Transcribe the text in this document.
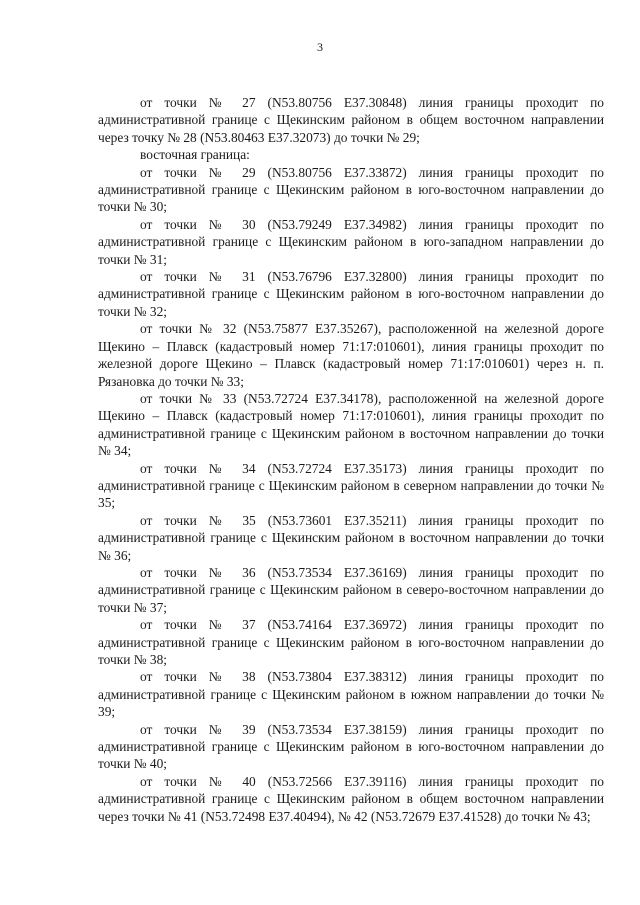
3

от точки № 27 (N53.80756 E37.30848) линия границы проходит по административной границе с Щекинским районом в общем восточном направлении через точку № 28 (N53.80463 E37.32073) до точки № 29;

восточная граница:

от точки № 29 (N53.80756 E37.33872) линия границы проходит по административной границе с Щекинским районом в юго-восточном направлении до точки № 30;

от точки № 30 (N53.79249 E37.34982) линия границы проходит по административной границе с Щекинским районом в юго-западном направлении до точки № 31;

от точки № 31 (N53.76796 E37.32800) линия границы проходит по административной границе с Щекинским районом в юго-восточном направлении до точки № 32;

от точки № 32 (N53.75877 E37.35267), расположенной на железной дороге Щекино – Плавск (кадастровый номер 71:17:010601), линия границы проходит по железной дороге Щекино – Плавск (кадастровый номер 71:17:010601) через н. п. Рязановка до точки № 33;

от точки № 33 (N53.72724 E37.34178), расположенной на железной дороге Щекино – Плавск (кадастровый номер 71:17:010601), линия границы проходит по административной границе с Щекинским районом в восточном направлении до точки № 34;

от точки № 34 (N53.72724 E37.35173) линия границы проходит по административной границе с Щекинским районом в северном направлении до точки № 35;

от точки № 35 (N53.73601 E37.35211) линия границы проходит по административной границе с Щекинским районом в восточном направлении до точки № 36;

от точки № 36 (N53.73534 E37.36169) линия границы проходит по административной границе с Щекинским районом в северо-восточном направлении до точки № 37;

от точки № 37 (N53.74164 E37.36972) линия границы проходит по административной границе с Щекинским районом в юго-восточном направлении до точки № 38;

от точки № 38 (N53.73804 E37.38312) линия границы проходит по административной границе с Щекинским районом в южном направлении до точки № 39;

от точки № 39 (N53.73534 E37.38159) линия границы проходит по административной границе с Щекинским районом в юго-восточном направлении до точки № 40;

от точки № 40 (N53.72566 E37.39116) линия границы проходит по административной границе с Щекинским районом в общем восточном направлении через точки № 41 (N53.72498 E37.40494), № 42 (N53.72679 E37.41528) до точки № 43;
